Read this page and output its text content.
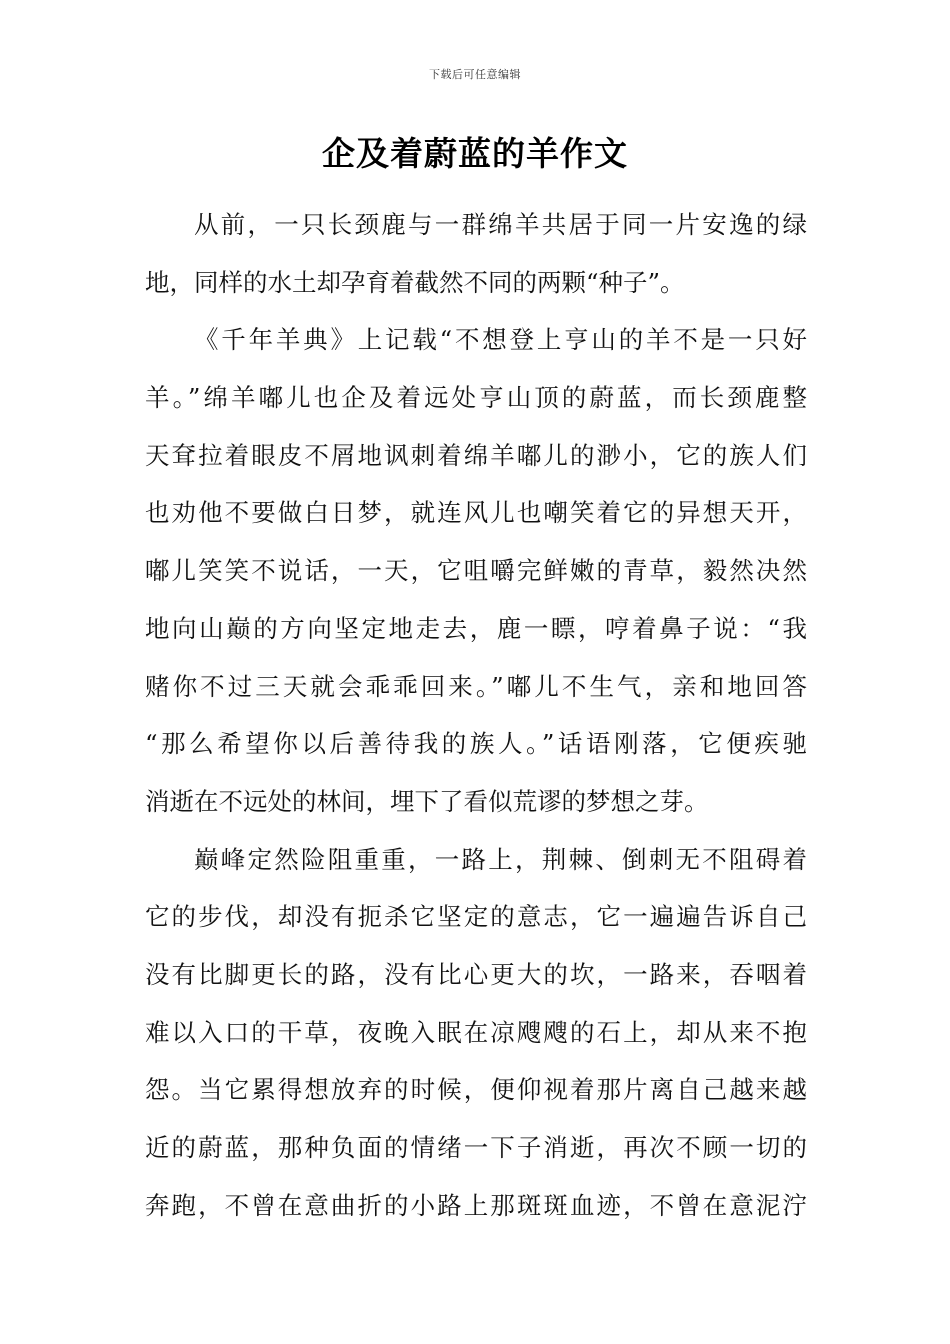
下载后可任意编辑
企及着蔚蓝的羊作文
从前，一只长颈鹿与一群绵羊共居于同一片安逸的绿
地，同样的水土却孕育着截然不同的两颗“种子”。
《千年羊典》上记载“不想登上亨山的羊不是一只好
羊。”绵羊嘟儿也企及着远处亨山顶的蔚蓝，而长颈鹿整
天耷拉着眼皮不屑地讽刺着绵羊嘟儿的渺小，它的族人们
也劝他不要做白日梦，就连风儿也嘲笑着它的异想天开，
嘟儿笑笑不说话，一天，它咀嚼完鲜嫩的青草，毅然决然
地向山巅的方向坚定地走去，鹿一瞟，哼着鼻子说：“我
赌你不过三天就会乖乖回来。”嘟儿不生气，亲和地回答
“那么希望你以后善待我的族人。”话语刚落，它便疾驰
消逝在不远处的林间，埋下了看似荒谬的梦想之芽。
巅峰定然险阻重重，一路上，荆棘、倒刺无不阻碍着
它的步伐，却没有扼杀它坚定的意志，它一遍遍告诉自己
没有比脚更长的路，没有比心更大的坎，一路来，吞咽着
难以入口的干草，夜晚入眠在凉飕飕的石上，却从来不抱
怨。当它累得想放弃的时候，便仰视着那片离自己越来越
近的蔚蓝，那种负面的情绪一下子消逝，再次不顾一切的
奔跑，不曾在意曲折的小路上那斑斑血迹，不曾在意泥泞
